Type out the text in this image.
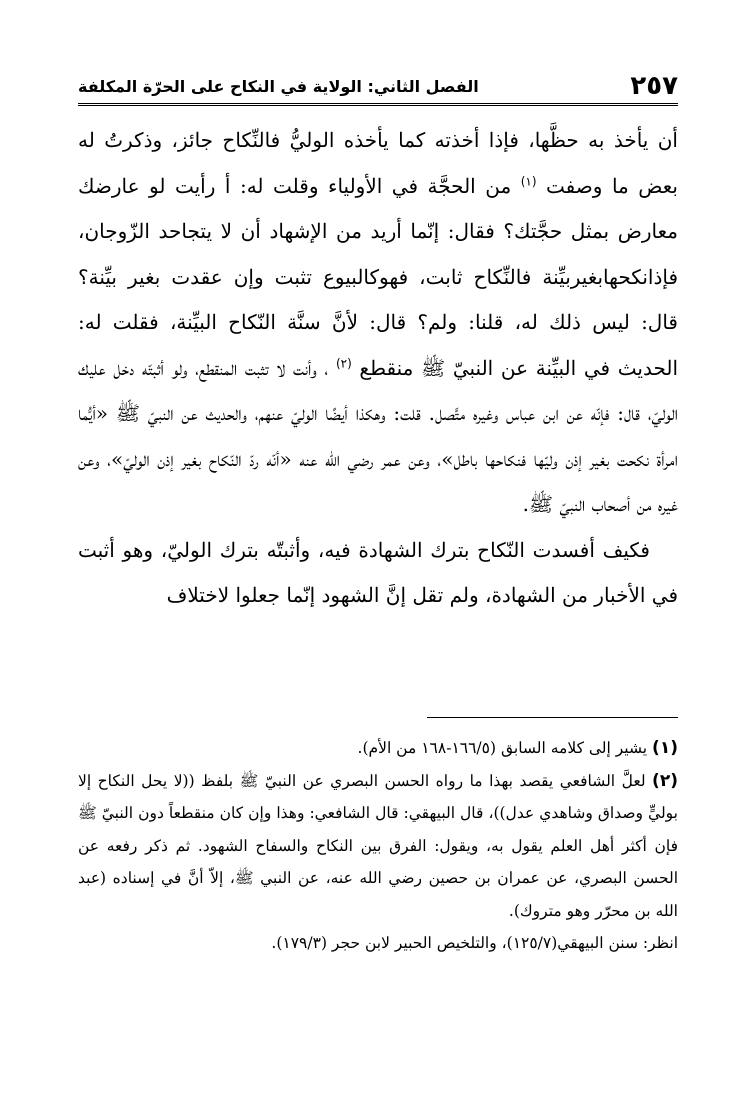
٢٥٧
الفصل الثاني: الولاية في النكاح على الحرّة المكلفة

أن يأخذ به حظَّها، فإذا أخذته كما يأخذه الوليُّ فالنِّكاح جائز، وذكرتُ له بعض ما وصفت $^{(١)}$ من الحجَّة في الأولياء وقلت له: أ رأيت لو عارضك معارض بمثل حجَّتك؟ فقال: إنّما أريد من الإشهاد أن لا يتجاحد الزّوجان، فإذانكحهابغيربيِّنة فالنِّكاح ثابت، فهوكالبيوع تثبت وإن عقدت بغير بيِّنة؟ قال: ليس ذلك له، قلنا: ولم؟ قال: لأنَّ سنَّة النّكاح البيِّنة، فقلت له: الحديث في البيِّنة عن النبيّ ﷺ منقطع $^{(٢)}$ ، وأنت لا تثبت المنقطع، ولو أثبتّه دخل عليك الوليّ، قال: فإنّه عن ابن عباس وغيره متَّصل. قلت: وهكذا أيضًا الوليّ عنهم، والحديث عن النبيّ ﷺ «أيُّما امرأة نكحت بغير إذن وليّها فنكاحها باطل»، وعن عمر رضي الله عنه «أنّه ردّ النّكاح بغير إذن الوليّ»، وعن غيره من أصحاب النبيّ ﷺ.

فكيف أفسدت النّكاح بترك الشهادة فيه، وأثبتّه بترك الوليّ، وهو أثبت في الأخبار من الشهادة، ولم تقل إنَّ الشهود إنّما جعلوا لاختلاف

(١) يشير إلى كلامه السابق (١٦٦/٥-١٦٨ من الأم).

(٢) لعلَّ الشافعي يقصد بهذا ما رواه الحسن البصري عن النبيّ ﷺ بلفظ ((لا يحل النكاح إلا بوليٍّ وصداق وشاهدي عدل))، قال البيهقي: قال الشافعي: وهذا وإن كان منقطعاً دون النبيّ ﷺ فإن أكثر أهل العلم يقول به، ويقول: الفرق بين النكاح والسفاح الشهود. ثم ذكر رفعه عن الحسن البصري، عن عمران بن حصين رضي الله عنه، عن النبي ﷺ، إلاّ أنَّ في إسناده (عبد الله بن محرّر وهو متروك).

انظر: سنن البيهقي(١٢٥/٧)، والتلخيص الحبير لابن حجر (١٧٩/٣).
